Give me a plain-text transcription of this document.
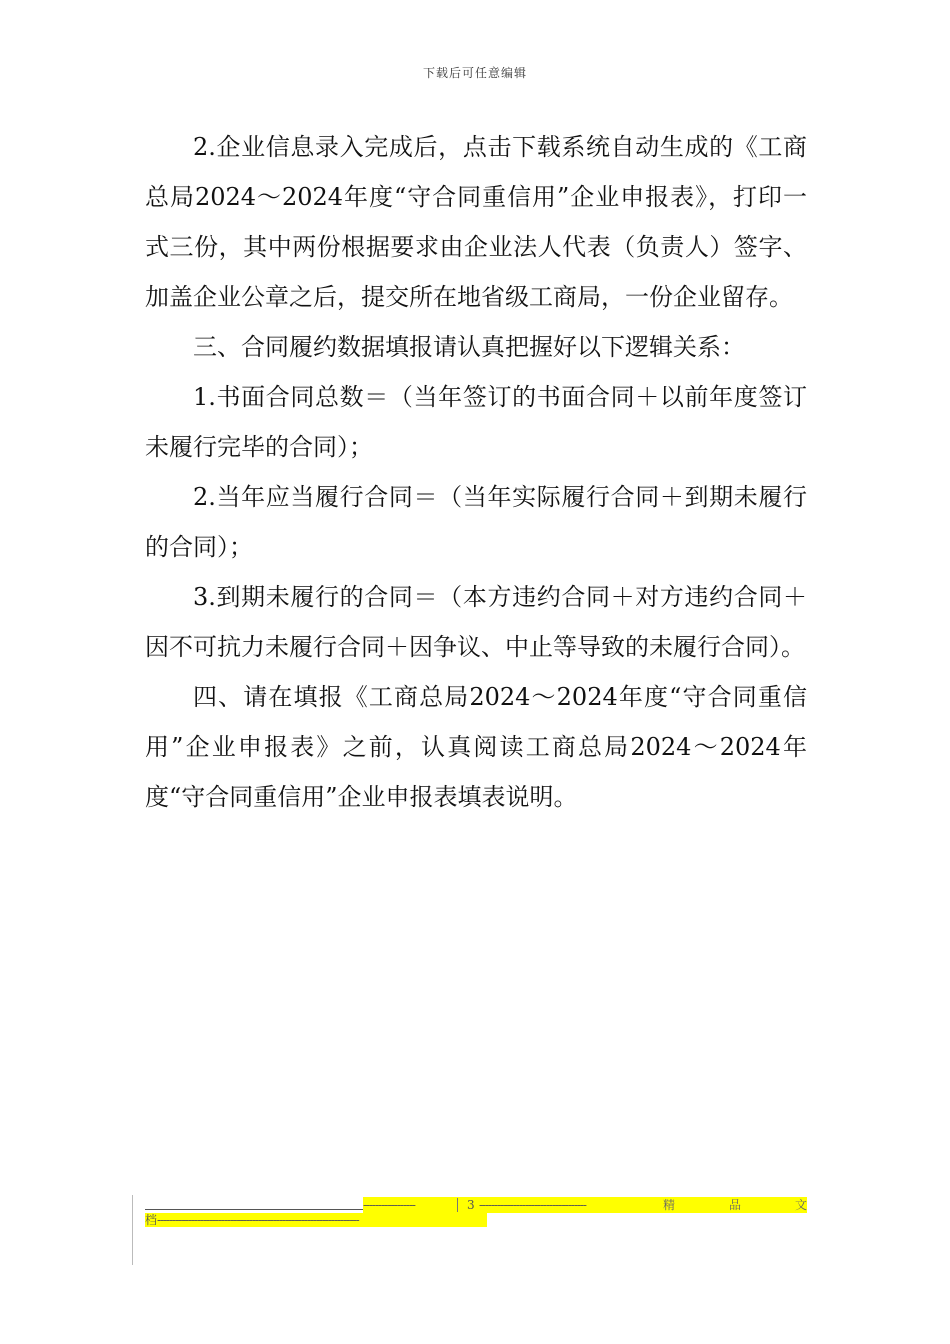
下载后可任意编辑

2.企业信息录入完成后，点击下载系统自动生成的《工商总局2024～2024年度“守合同重信用”企业申报表》，打印一式三份，其中两份根据要求由企业法人代表（负责人）签字、加盖企业公章之后，提交所在地省级工商局，一份企业留存。

三、合同履约数据填报请认真把握好以下逻辑关系：

1.书面合同总数＝（当年签订的书面合同＋以前年度签订未履行完毕的合同）；

2.当年应当履行合同＝（当年实际履行合同＋到期未履行的合同）；

3.到期未履行的合同＝（本方违约合同＋对方违约合同＋因不可抗力未履行合同＋因争议、中止等导致的未履行合同）。

四、请在填报《工商总局2024～2024年度“守合同重信用”企业申报表》之前，认真阅读工商总局2024～2024年度“守合同重信用”企业申报表填表说明。

-----------------	3 -----------------------------------	精	品	文
档------------------------------------------------------------------
